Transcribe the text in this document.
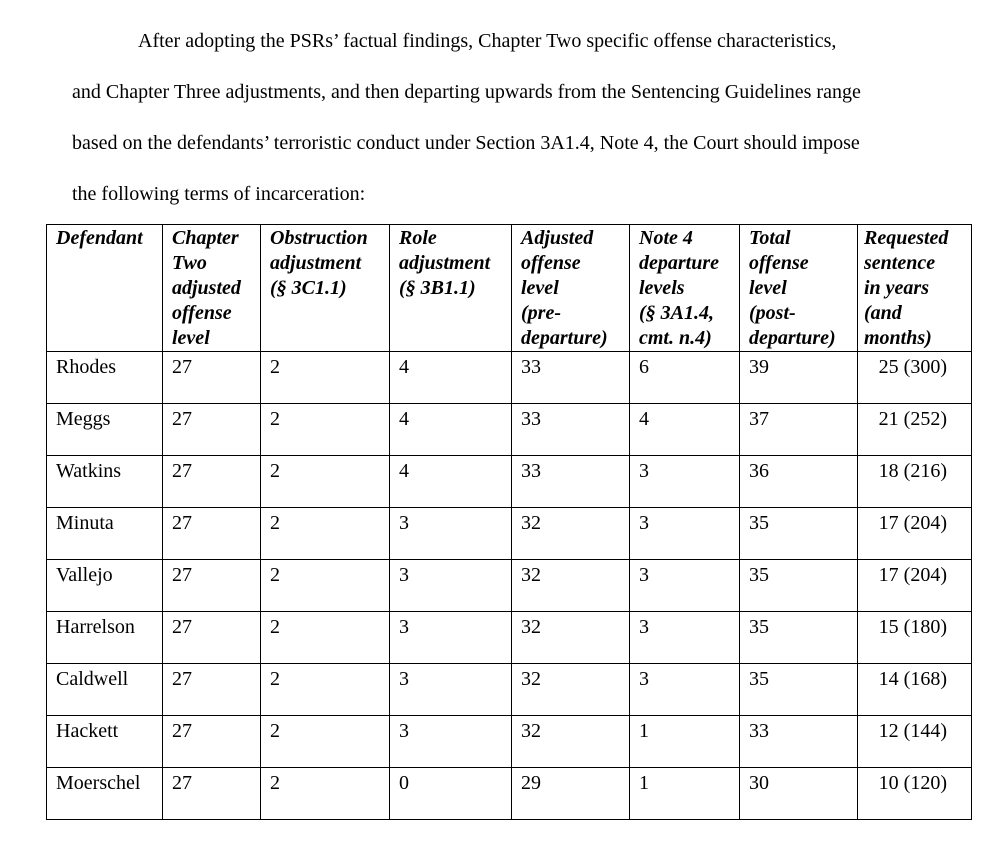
After adopting the PSRs’ factual findings, Chapter Two specific offense characteristics,
and Chapter Three adjustments, and then departing upwards from the Sentencing Guidelines range
based on the defendants’ terroristic conduct under Section 3A1.4, Note 4, the Court should impose
the following terms of incarceration:
Defendant	Chapter
Two
adjusted
offense
level	Obstruction
adjustment
(§ 3C1.1)	Role
adjustment
(§ 3B1.1)	Adjusted
offense
level
(pre-
departure)	Note 4
departure
levels
(§ 3A1.4,
cmt. n.4)	Total
offense
level
(post-
departure)	Requested
sentence
in years
(and
months)

Rhodes	27	2	4	33	6	39	25 (300)
Meggs	27	2	4	33	4	37	21 (252)
Watkins	27	2	4	33	3	36	18 (216)
Minuta	27	2	3	32	3	35	17 (204)
Vallejo	27	2	3	32	3	35	17 (204)
Harrelson	27	2	3	32	3	35	15 (180)
Caldwell	27	2	3	32	3	35	14 (168)
Hackett	27	2	3	32	1	33	12 (144)
Moerschel	27	2	0	29	1	30	10 (120)
